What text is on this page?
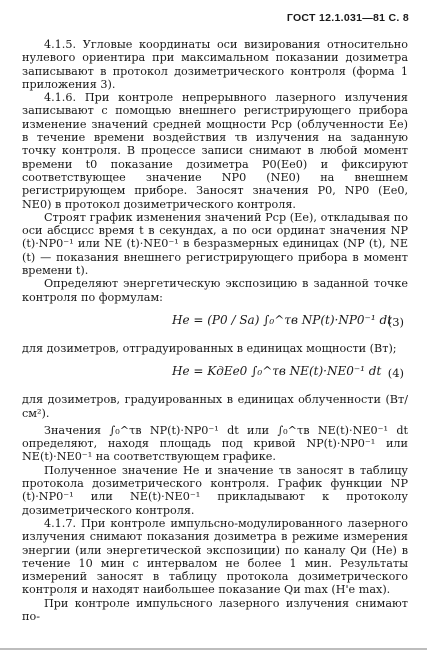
ГОСТ 12.1.031—81 С. 8

4.1.5. Угловые координаты оси визирования относительно нулевого ориентира при максимальном показании дозиметра записывают в протокол дозиметрического контроля (форма 1 приложения 3).

4.1.6. При контроле непрерывного лазерного излучения записывают с помощью внешнего регистрирующего прибора изменение значений средней мощности Pср (облученности Eе) в течение времени воздействия τв излучения на заданную точку контроля. В процессе записи снимают в любой момент времени t0 показание дозиметра P0(Ee0) и фиксируют соответствующее значение NP0 (NE0) на внешнем регистрирующем приборе. Заносят значения P0, NP0 (Ee0, NE0) в протокол дозиметрического контроля.

Строят график изменения значений Pср (Eе), откладывая по оси абсцисс время t в секундах, а по оси ординат значения NP (t)·NP0⁻¹ или NE (t)·NE0⁻¹ в безразмерных единицах (NP (t), NE (t) — показания внешнего регистрирующего прибора в момент времени t).

Определяют энергетическую экспозицию в заданной точке контроля по формулам:

Hе = (P0 / Sа) ∫₀^τв NP(t)·NP0⁻¹ dt
(3)

для дозиметров, отградуированных в единицах мощности (Вт);

He = KдEe0 ∫₀^τв NE(t)·NE0⁻¹ dt (4)

для дозиметров, градуированных в единицах облученности (Вт/см²).

Значения ∫₀^τв NP(t)·NP0⁻¹ dt или ∫₀^τв NE(t)·NE0⁻¹ dt определяют, находя площадь под кривой NP(t)·NP0⁻¹ или NE(t)·NE0⁻¹ на соответствующем графике.

Полученное значение He и значение τв заносят в таблицу протокола дозиметрического контроля. График функции NP (t)·NP0⁻¹ или NE(t)·NE0⁻¹ прикладывают к протоколу дозиметрического контроля.

4.1.7. При контроле импульсно-модулированного лазерного излучения снимают показания дозиметра в режиме измерения энергии (или энергетической экспозиции) по каналу Qи (Hе) в течение 10 мин с интервалом не более 1 мин. Результаты измерений заносят в таблицу протокола дозиметрического контроля и находят наибольшее показание Qи max (H'e max).

При контроле импульсного лазерного излучения снимают по-
